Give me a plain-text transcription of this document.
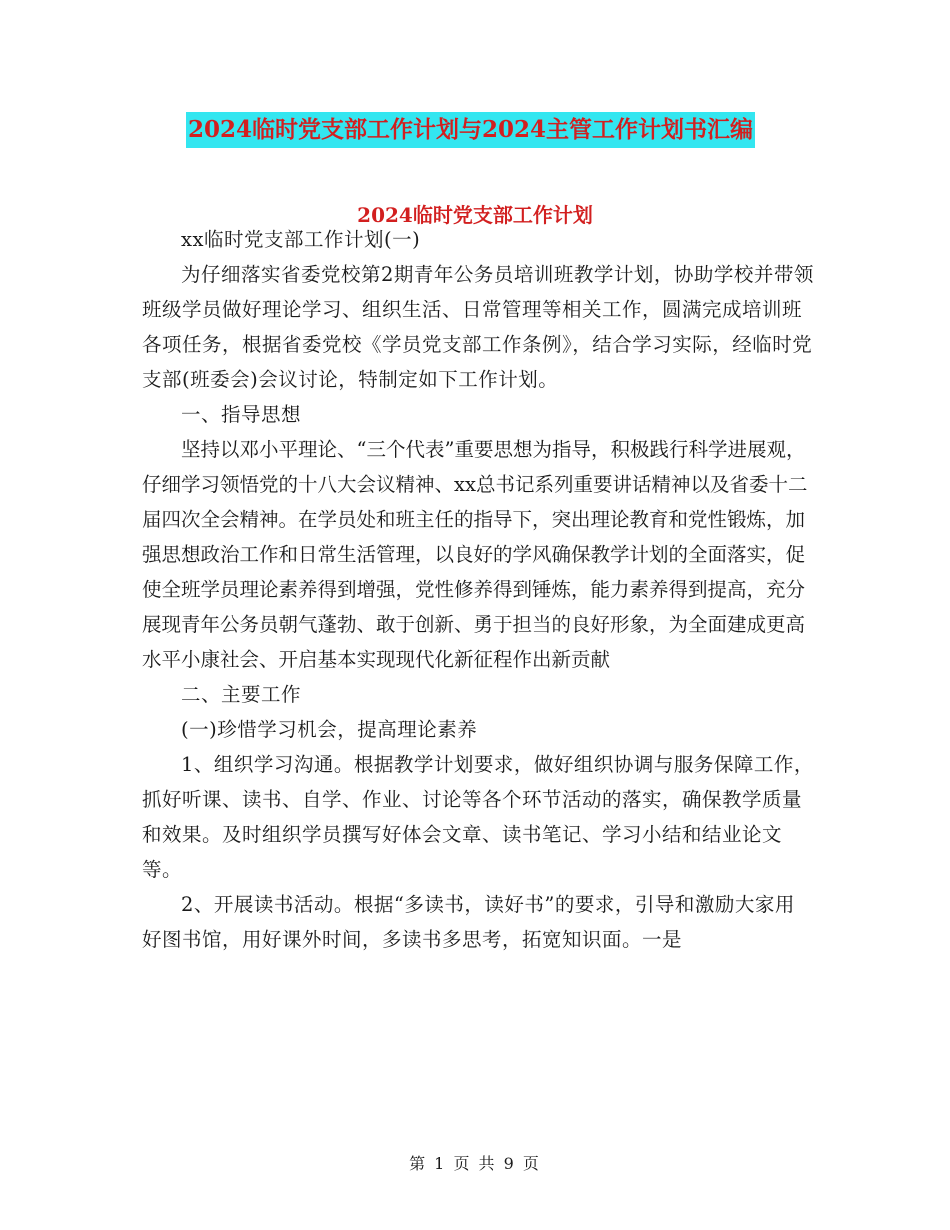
2024临时党支部工作计划与2024主管工作计划书汇编
2024临时党支部工作计划

xx临时党支部工作计划(一)

为仔细落实省委党校第2期青年公务员培训班教学计划，协助学校并带领班级学员做好理论学习、组织生活、日常管理等相关工作，圆满完成培训班各项任务，根据省委党校《学员党支部工作条例》，结合学习实际，经临时党支部(班委会)会议讨论，特制定如下工作计划。

一、指导思想

坚持以邓小平理论、“三个代表”重要思想为指导，积极践行科学进展观，仔细学习领悟党的十八大会议精神、xx总书记系列重要讲话精神以及省委十二届四次全会精神。在学员处和班主任的指导下，突出理论教育和党性锻炼，加强思想政治工作和日常生活管理，以良好的学风确保教学计划的全面落实，促使全班学员理论素养得到增强，党性修养得到锤炼，能力素养得到提高，充分展现青年公务员朝气蓬勃、敢于创新、勇于担当的良好形象，为全面建成更高水平小康社会、开启基本实现现代化新征程作出新贡献

二、主要工作

(一)珍惜学习机会，提高理论素养

1、组织学习沟通。根据教学计划要求，做好组织协调与服务保障工作，抓好听课、读书、自学、作业、讨论等各个环节活动的落实，确保教学质量和效果。及时组织学员撰写好体会文章、读书笔记、学习小结和结业论文等。

2、开展读书活动。根据“多读书，读好书”的要求，引导和激励大家用好图书馆，用好课外时间，多读书多思考，拓宽知识面。一是

第 1 页 共 9 页
